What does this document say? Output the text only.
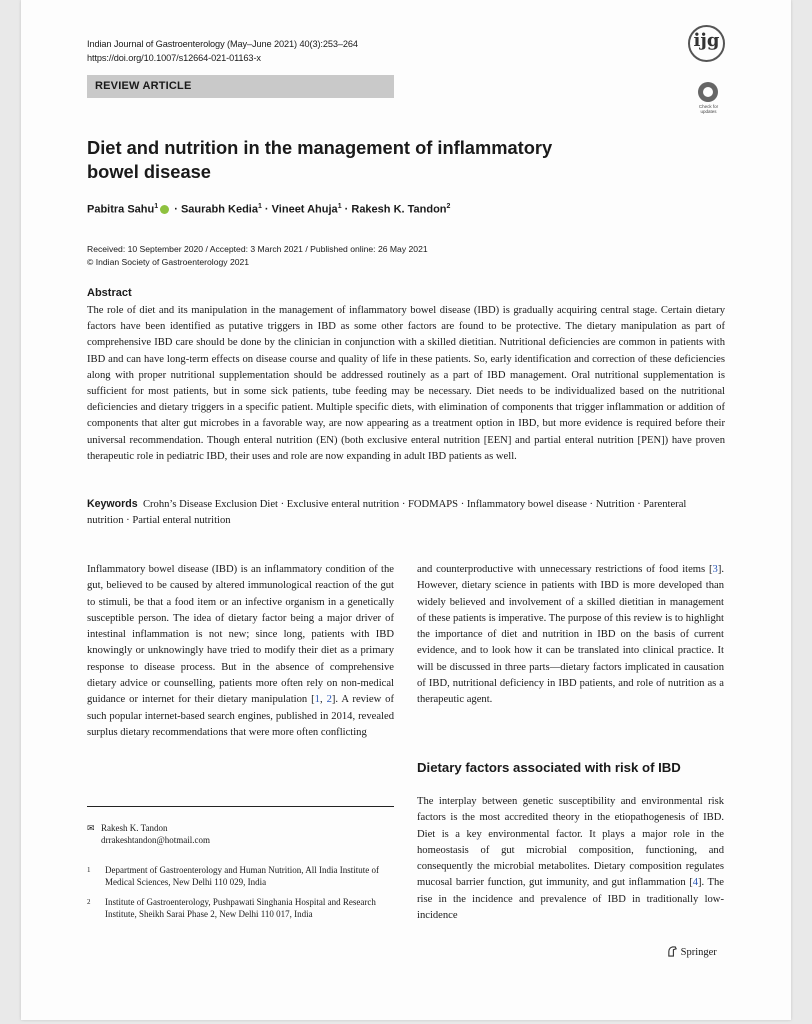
Indian Journal of Gastroenterology (May–June 2021) 40(3):253–264
https://doi.org/10.1007/s12664-021-01163-x
ijg
REVIEW ARTICLE
Check for updates
Diet and nutrition in the management of inflammatory bowel disease
Pabitra Sahu$^1$ · Saurabh Kedia$^1$ · Vineet Ahuja$^1$ · Rakesh K. Tandon$^2$
Received: 10 September 2020 / Accepted: 3 March 2021 / Published online: 26 May 2021
© Indian Society of Gastroenterology 2021
Abstract

The role of diet and its manipulation in the management of inflammatory bowel disease (IBD) is gradually acquiring central stage. Certain dietary factors have been identified as putative triggers in IBD as some other factors are found to be protective. The dietary manipulation as part of comprehensive IBD care should be done by the clinician in conjunction with a skilled dietitian. Nutritional deficiencies are common in patients with IBD and can have long-term effects on disease course and quality of life in these patients. So, early identification and correction of these deficiencies along with proper nutritional supplementation should be addressed routinely as a part of IBD management. Oral nutritional supplementation is sufficient for most patients, but in some sick patients, tube feeding may be necessary. Diet needs to be individualized based on the nutritional deficiencies and dietary triggers in a specific patient. Multiple specific diets, with elimination of components that trigger inflammation or addition of components that alter gut microbes in a favorable way, are now appearing as a treatment option in IBD, but more evidence is required before their universal recommendation. Though enteral nutrition (EN) (both exclusive enteral nutrition [EEN] and partial enteral nutrition [PEN]) have proven therapeutic role in pediatric IBD, their uses and role are now expanding in adult IBD patients as well.

Keywords Crohn’s Disease Exclusion Diet · Exclusive enteral nutrition · FODMAPS · Inflammatory bowel disease · Nutrition · Parenteral nutrition · Partial enteral nutrition

Inflammatory bowel disease (IBD) is an inflammatory condition of the gut, believed to be caused by altered immunological reaction of the gut to stimuli, be that a food item or an infective organism in a genetically susceptible person. The idea of dietary factor being a major driver of intestinal inflammation is not new; since long, patients with IBD knowingly or unknowingly have tried to modify their diet as a primary response to disease process. But in the absence of comprehensive dietary advice or counselling, patients more often rely on non-medical guidance or internet for their dietary manipulation [1, 2]. A review of such popular internet-based search engines, published in 2014, revealed surplus dietary recommendations that were more often conflicting

and counterproductive with unnecessary restrictions of food items [3]. However, dietary science in patients with IBD is more developed than widely believed and involvement of a skilled dietitian in management of these patients is imperative. The purpose of this review is to highlight the importance of diet and nutrition in IBD on the basis of current evidence, and to look how it can be translated into clinical practice. It will be discussed in three parts—dietary factors implicated in causation of IBD, nutritional deficiency in IBD patients, and role of nutrition as a therapeutic agent.

Dietary factors associated with risk of IBD

The interplay between genetic susceptibility and environmental risk factors is the most accredited theory in the etiopathogenesis of IBD. Diet is a key environmental factor. It plays a major role in the homeostasis of gut microbial composition, functioning, and consequently the microbial metabolites. Dietary composition regulates mucosal barrier function, gut immunity, and gut inflammation [4]. The rise in the incidence and prevalence of IBD in traditionally low-incidence

✉ Rakesh K. Tandon
drrakeshtandon@hotmail.com
1 Department of Gastroenterology and Human Nutrition, All India Institute of Medical Sciences, New Delhi 110 029, India
2 Institute of Gastroenterology, Pushpawati Singhania Hospital and Research Institute, Sheikh Sarai Phase 2, New Delhi 110 017, India
Springer
